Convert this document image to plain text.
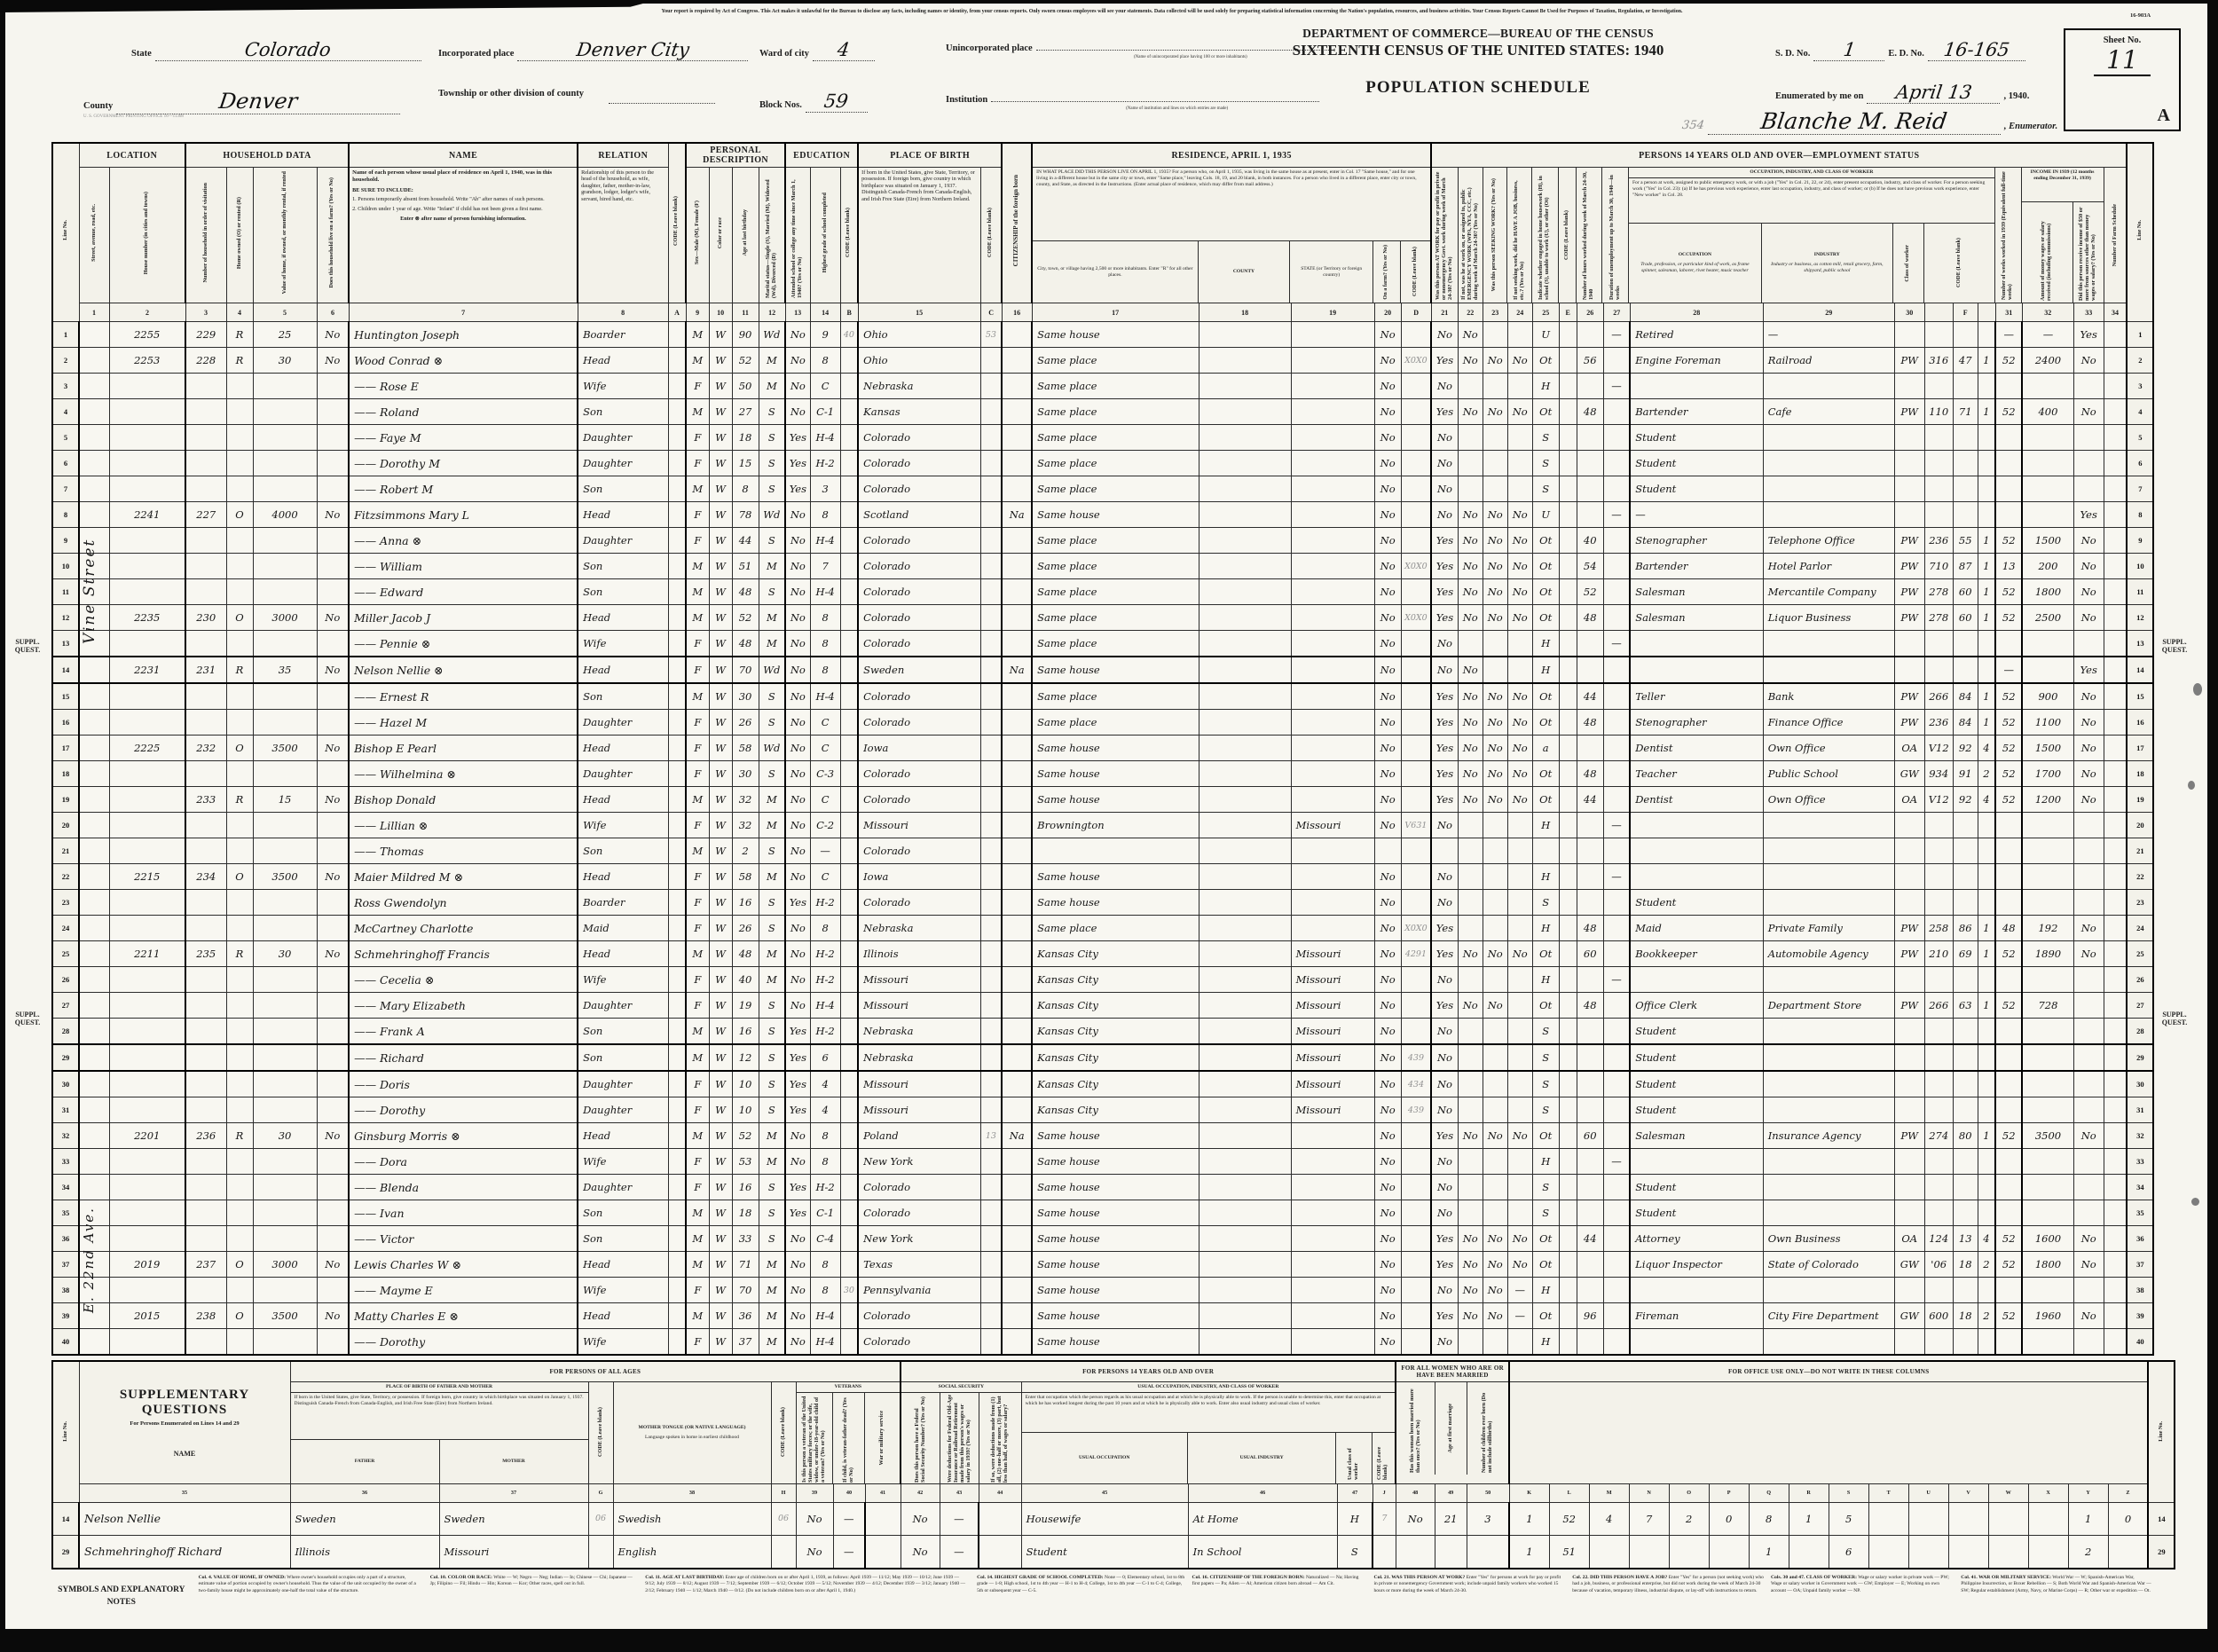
Your report is required by Act of Congress. This Act makes it unlawful for the Bureau to disclose any facts, including names or identity, from your census reports. Only sworn census employees will see your statements. Data collected will be used solely for preparing statistical information concerning the Nation's population, resources, and business activities. Your Census Reports Cannot Be Used for Purposes of Taxation, Regulation, or Investigation.
16-903A
DEPARTMENT OF COMMERCE—BUREAU OF THE CENSUS
SIXTEENTH CENSUS OF THE UNITED STATES: 1940
POPULATION SCHEDULE
State	Colorado
County	Denver
U. S. GOVERNMENT PRINTING OFFICE 16—11308
Incorporated place	Denver City
Township or other division of county
Ward of city 4
Block Nos. 59
Unincorporated place
(Name of unincorporated place having 100 or more inhabitants)
Institution
(Name of institution and lines on which entries are made)
S. D. No. 1	E. D. No. 16-165
Enumerated by me on April 13	, 1940.
354 Blanche M. Reid	, Enumerator.
Sheet No.
11
A
Line No.	LOCATION		HOUSEHOLD DATA				NAME	RELATION	CODE (Leave blank)	PERSONAL DESCRIPTION				EDUCATION			PLACE OF BIRTH		CITIZENSHIP of the foreign born	RESIDENCE, APRIL 1, 1935					PERSONS 14 YEARS OLD AND OVER—EMPLOYMENT STATUS																		Line No.
Street, avenue, road, etc.	House number (in cities and towns)	Number of household in order of visitation	Home owned (O) or rented (R)	Value of home, if owned, or monthly rental, if rented	Does this household live on a farm? (Yes or No)	
Name of each person whose usual place of residence on April 1, 1940, was in this household.
BE SURE TO INCLUDE:
1. Persons temporarily absent from household. Write "Ab" after names of such persons.
2. Children under 1 year of age. Write "Infant" if child has not been given a first name.
Enter ⊗ after name of person furnishing information.
	Relationship of this person to the head of the household, as wife, daughter, father, mother-in-law, grandson, lodger, lodger's wife, servant, hired hand, etc.	Sex—Male (M), Female (F)	Color or race	Age at last birthday	Marital status—Single (S), Married (M), Widowed (Wd), Divorced (D)	Attended school or college any time since March 1, 1940? (Yes or No)	Highest grade of school completed	CODE (Leave blank)	
If born in the United States, give State, Territory, or possession. If foreign born, give country in which birthplace was situated on January 1, 1937. Distinguish Canada-French from Canada-English, and Irish Free State (Eire) from Northern Ireland.
	CODE (Leave blank)	
IN WHAT PLACE DID THIS PERSON LIVE ON APRIL 1, 1935? For a person who, on April 1, 1935, was living in the same house as at present, enter in Col. 17 "Same house," and for one living in a different house but in the same city or town, enter "Same place," leaving Cols. 18, 19, and 20 blank, in both instances. For a person who lived in a different place, enter city or town, county, and State, as directed in the Instructions. (Enter actual place of residence, which may differ from mail address.)
City, town, or village having 2,500 or more inhabitants. Enter "R" for all other places.
COUNTY
STATE (or Territory or foreign country)	On a farm? (Yes or No)	CODE (Leave blank)	Was this person AT WORK for pay or profit in private or nonemergency Govt. work during week of March 24-30? (Yes or No) If not, was he at work on, or assigned to, public EMERGENCY WORK (WPA, NYA, CCC, etc.) during week of March 24-30? (Yes or No) Was this person SEEKING WORK? (Yes or No)	If not seeking work, did he HAVE A JOB, business, etc.? (Yes or No) Indicate whether engaged in home housework (H), in school (S), unable to work (U), or other (Ot) CODE (Leave blank) Number of hours worked during week of March 24-30, 1940	Duration of unemployment up to March 30, 1940—in weeks
OCCUPATION, INDUSTRY, AND CLASS OF WORKER
For a person at work, assigned to public emergency work, or with a job ("Yes" in Col. 21, 22, or 24), enter present occupation, industry, and class of worker. For a person seeking work ("Yes" in Col. 23): (a) If he has previous work experience, enter last occupation, industry, and class of worker; or (b) If he does not have previous work experience, enter "New worker" in Col. 28.
OCCUPATION
Trade, profession, or particular kind of work, as frame spinner, salesman, laborer, rivet heater, music teacher
INDUSTRY
Industry or business, as cotton mill, retail grocery, farm, shipyard, public school	Class of worker	CODE (Leave blank)	Number of weeks worked in 1939 (Equivalent full-time weeks)
INCOME IN 1939 (12 months ending December 31, 1939)
Amount of money wages or salary received (including commissions)	Did this person receive income of $50 or more from sources other than money wages or salary? (Yes or No)	Number of Farm Schedule

	1	2	3	4	5	6	7	8	A	9	10	11	12	13	14	B	15	C	16	17	18	19	20	D	21	22	23	24	25	E	26	27	28	29	30		F		31	32	33	34	
1		2255	229	R	25	No	Huntington Joseph	Boarder		M	W	90	Wd	No	9	40	Ohio	53		Same house			No		No	No			U			—	Retired	—					—	—	Yes		1
2		2253	228	R	30	No	Wood Conrad ⊗	Head		M	W	52	M	No	8		Ohio			Same place			No	X0X0	Yes	No	No	No	Ot		56		Engine Foreman	Railroad	PW	316	47	1	52	2400	No		2
3							—— Rose E	Wife		F	W	50	M	No	C		Nebraska			Same place			No		No				H			—											3
4							—— Roland	Son		M	W	27	S	No	C-1		Kansas			Same place			No		Yes	No	No	No	Ot		48		Bartender	Cafe	PW	110	71	1	52	400	No		4
5							—— Faye M	Daughter		F	W	18	S	Yes	H-4		Colorado			Same place			No		No				S				Student										5
6							—— Dorothy M	Daughter		F	W	15	S	Yes	H-2		Colorado			Same place			No		No				S				Student										6
7							—— Robert M	Son		M	W	8	S	Yes	3		Colorado			Same place			No		No				S				Student										7
8		2241	227	O	4000	No	Fitzsimmons Mary L	Head		F	W	78	Wd	No	8		Scotland		Na	Same house			No		No	No	No	No	U			—	—								Yes		8
9							—— Anna ⊗	Daughter		F	W	44	S	No	H-4		Colorado			Same place			No		Yes	No	No	No	Ot		40		Stenographer	Telephone Office	PW	236	55	1	52	1500	No		9
10							—— William	Son		M	W	51	M	No	7		Colorado			Same place			No	X0X0	Yes	No	No	No	Ot		54		Bartender	Hotel Parlor	PW	710	87	1	13	200	No		10
11							—— Edward	Son		M	W	48	S	No	H-4		Colorado			Same place			No		Yes	No	No	No	Ot		52		Salesman	Mercantile Company	PW	278	60	1	52	1800	No		11
12		2235	230	O	3000	No	Miller Jacob J	Head		M	W	52	M	No	8		Colorado			Same place			No	X0X0	Yes	No	No	No	Ot		48		Salesman	Liquor Business	PW	278	60	1	52	2500	No		12
13							—— Pennie ⊗	Wife		F	W	48	M	No	8		Colorado			Same place			No		No				H			—											13
14		2231	231	R	35	No	Nelson Nellie ⊗	Head		F	W	70	Wd	No	8		Sweden		Na	Same house			No		No	No			H										—		Yes		14
15							—— Ernest R	Son		M	W	30	S	No	H-4		Colorado			Same place			No		Yes	No	No	No	Ot		44		Teller	Bank	PW	266	84	1	52	900	No		15
16							—— Hazel M	Daughter		F	W	26	S	No	C		Colorado			Same place			No		Yes	No	No	No	Ot		48		Stenographer	Finance Office	PW	236	84	1	52	1100	No		16
17		2225	232	O	3500	No	Bishop E Pearl	Head		F	W	58	Wd	No	C		Iowa			Same house			No		Yes	No	No	No	a				Dentist	Own Office	OA	V12	92	4	52	1500	No		17
18							—— Wilhelmina ⊗	Daughter		F	W	30	S	No	C-3		Colorado			Same house			No		Yes	No	No	No	Ot		48		Teacher	Public School	GW	934	91	2	52	1700	No		18
19			233	R	15	No	Bishop Donald	Head		M	W	32	M	No	C		Colorado			Same house			No		Yes	No	No	No	Ot		44		Dentist	Own Office	OA	V12	92	4	52	1200	No		19
20							—— Lillian ⊗	Wife		F	W	32	M	No	C-2		Missouri			Brownington		Missouri	No	V631	No				H			—											20
21							—— Thomas	Son		M	W	2	S	No	—		Colorado																										21
22		2215	234	O	3500	No	Maier Mildred M ⊗	Head		F	W	58	M	No	C		Iowa			Same house			No		No				H			—											22
23							Ross Gwendolyn	Boarder		F	W	16	S	Yes	H-2		Colorado			Same house			No		No				S				Student										23
24							McCartney Charlotte	Maid		F	W	26	S	No	8		Nebraska			Same place			No	X0X0	Yes				H		48		Maid	Private Family	PW	258	86	1	48	192	No		24
25		2211	235	R	30	No	Schmehringhoff Francis	Head		M	W	48	M	No	H-2		Illinois			Kansas City		Missouri	No	4291	Yes	No	No	No	Ot		60		Bookkeeper	Automobile Agency	PW	210	69	1	52	1890	No		25
26							—— Cecelia ⊗	Wife		F	W	40	M	No	H-2		Missouri			Kansas City		Missouri	No		No				H			—											26
27							—— Mary Elizabeth	Daughter		F	W	19	S	No	H-4		Missouri			Kansas City		Missouri	No		Yes	No	No		Ot		48		Office Clerk	Department Store	PW	266	63	1	52	728			27
28							—— Frank A	Son		M	W	16	S	Yes	H-2		Nebraska			Kansas City		Missouri	No		No				S				Student										28
29							—— Richard	Son		M	W	12	S	Yes	6		Nebraska			Kansas City		Missouri	No	439	No				S				Student										29
30							—— Doris	Daughter		F	W	10	S	Yes	4		Missouri			Kansas City		Missouri	No	434	No				S				Student										30
31							—— Dorothy	Daughter		F	W	10	S	Yes	4		Missouri			Kansas City		Missouri	No	439	No				S				Student										31
32		2201	236	R	30	No	Ginsburg Morris ⊗	Head		M	W	52	M	No	8		Poland	13	Na	Same house			No		Yes	No	No	No	Ot		60		Salesman	Insurance Agency	PW	274	80	1	52	3500	No		32
33							—— Dora	Wife		F	W	53	M	No	8		New York			Same house			No		No				H			—											33
34							—— Blenda	Daughter		F	W	16	S	Yes	H-2		Colorado			Same house			No		No				S				Student										34
35							—— Ivan	Son		M	W	18	S	Yes	C-1		Colorado			Same house			No		No				S				Student										35
36							—— Victor	Son		M	W	33	S	No	C-4		New York			Same house			No		Yes	No	No	No	Ot		44		Attorney	Own Business	OA	124	13	4	52	1600	No		36
37		2019	237	O	3000	No	Lewis Charles W ⊗	Head		M	W	71	M	No	8		Texas			Same house			No		Yes	No	No	No	Ot				Liquor Inspector	State of Colorado	GW	'06	18	2	52	1800	No		37
38							—— Mayme E	Wife		F	W	70	M	No	8	30	Pennsylvania			Same house			No		No	No	No	—	H														38
39		2015	238	O	3500	No	Matty Charles E ⊗	Head		M	W	36	M	No	H-4		Colorado			Same house			No		Yes	No	No	—	Ot		96		Fireman	City Fire Department	GW	600	18	2	52	1960	No		39
40							—— Dorothy	Wife		F	W	37	M	No	H-4		Colorado			Same house			No		No				H														40
Vine Street
E. 22nd Ave.
SUPPL.
QUEST.
SUPPL.
QUEST.
SUPPL.
QUEST.
SUPPL.
QUEST.
Line No.	SUPPLEMENTARY QUESTIONS
For Persons Enumerated on Lines 14 and 29
NAME	FOR PERSONS OF ALL AGES								FOR PERSONS 14 YEARS OLD AND OVER							FOR ALL WOMEN WHO ARE OR HAVE BEEN MARRIED			FOR OFFICE USE ONLY—DO NOT WRITE IN THESE COLUMNS																Line No.

PLACE OF BIRTH OF FATHER AND MOTHER
If born in the United States, give State, Territory, or possession. If foreign born, give country in which birthplace was situated on January 1, 1937. Distinguish Canada-French from Canada-English, and Irish Free State (Eire) from Northern Ireland.
FATHER	MOTHER
	CODE (Leave blank)	MOTHER TONGUE (OR NATIVE LANGUAGE)
Language spoken in home in earliest childhood	CODE (Leave blank)	
VETERANS
Is this person a veteran of the United States military forces; or the wife, widow, or under-18-year-old child of a veteran? (Yes or No)	If child, is veteran-father dead? (Yes or No)
War or military service

SOCIAL SECURITY
Does this person have a Federal Social Security Number? (Yes or No)	Were deductions for Federal Old-Age Insurance or Railroad Retirement made from this person's wages or salary in 1939? (Yes or No)	If so, were deductions made from (1) all, (2) one-half or more, (3) part, but less than half, of wages or salary?

USUAL OCCUPATION, INDUSTRY, AND CLASS OF WORKER
Enter that occupation which the person regards as his usual occupation and at which he is physically able to work. If the person is unable to determine this, enter that occupation at which he has worked longest during the past 10 years and at which he is physically able to work. Enter also usual industry and usual class of worker.
USUAL OCCUPATION	USUAL INDUSTRY	Usual class of worker	CODE (Leave blank)	Has this woman been married more than once? (Yes or No)	Age at first marriage	Number of children ever born (Do not include stillbirths)

	35	36	37	G	38	H	39	40	41	42	43	44	45	46	47	J	48	49	50	K	L	M	N	O	P	Q	R	S	T	U	V	W	X	Y	Z	
14	Nelson Nellie	Sweden	Sweden	06	Swedish	06	No	—		No	—		Housewife	At Home	H	7	No	21	3	1	52	4	7	2	0	8	1	5						1	0	14
29	Schmehringhoff Richard	Illinois	Missouri		English		No	—		No	—		Student	In School	S					1	51					1		6						2		29
SYMBOLS AND EXPLANATORY NOTES
Col. 4. VALUE OF HOME, IF OWNED: Where owner's household occupies only a part of a structure, estimate value of portion occupied by owner's household. Thus the value of the unit occupied by the owner of a two-family house might be approximately one-half the total value of the structure.
Col. 10. COLOR OR RACE: White — W; Negro — Neg; Indian — In; Chinese — Chi; Japanese — Jp; Filipino — Fil; Hindu — Hin; Korean — Kor; Other races, spell out in full.
Col. 11. AGE AT LAST BIRTHDAY: Enter age of children born on or after April 1, 1939, as follows: April 1939 — 11/12; May 1939 — 10/12; June 1939 — 9/12; July 1939 — 8/12; August 1939 — 7/12; September 1939 — 6/12; October 1939 — 5/12; November 1939 — 4/12; December 1939 — 3/12; January 1940 — 2/12; February 1940 — 1/12; March 1940 — 0/12. (Do not include children born on or after April 1, 1940.)
Col. 14. HIGHEST GRADE OF SCHOOL COMPLETED: None — 0; Elementary school, 1st to 8th grade — 1-8; High school, 1st to 4th year — H-1 to H-4; College, 1st to 4th year — C-1 to C-4; College, 5th or subsequent year — C-5.
Col. 16. CITIZENSHIP OF THE FOREIGN BORN: Naturalized — Na; Having first papers — Pa; Alien — Al; American citizen born abroad — Am Cit.
Col. 21. WAS THIS PERSON AT WORK? Enter "Yes" for persons at work for pay or profit in private or nonemergency Government work; include unpaid family workers who worked 15 hours or more during the week of March 24-30.
Col. 22. DID THIS PERSON HAVE A JOB? Enter "Yes" for a person (not seeking work) who had a job, business, or professional enterprise, but did not work during the week of March 24-30 because of vacation, temporary illness, industrial dispute, or lay-off with instructions to return.
Cols. 30 and 47. CLASS OF WORKER: Wage or salary worker in private work — PW; Wage or salary worker in Government work — GW; Employer — E; Working on own account — OA; Unpaid family worker — NP.
Col. 41. WAR OR MILITARY SERVICE: World War — W; Spanish-American War, Philippine Insurrection, or Boxer Rebellion — S; Both World War and Spanish-American War — SW; Regular establishment (Army, Navy, or Marine Corps) — R; Other war or expedition — Ot.
